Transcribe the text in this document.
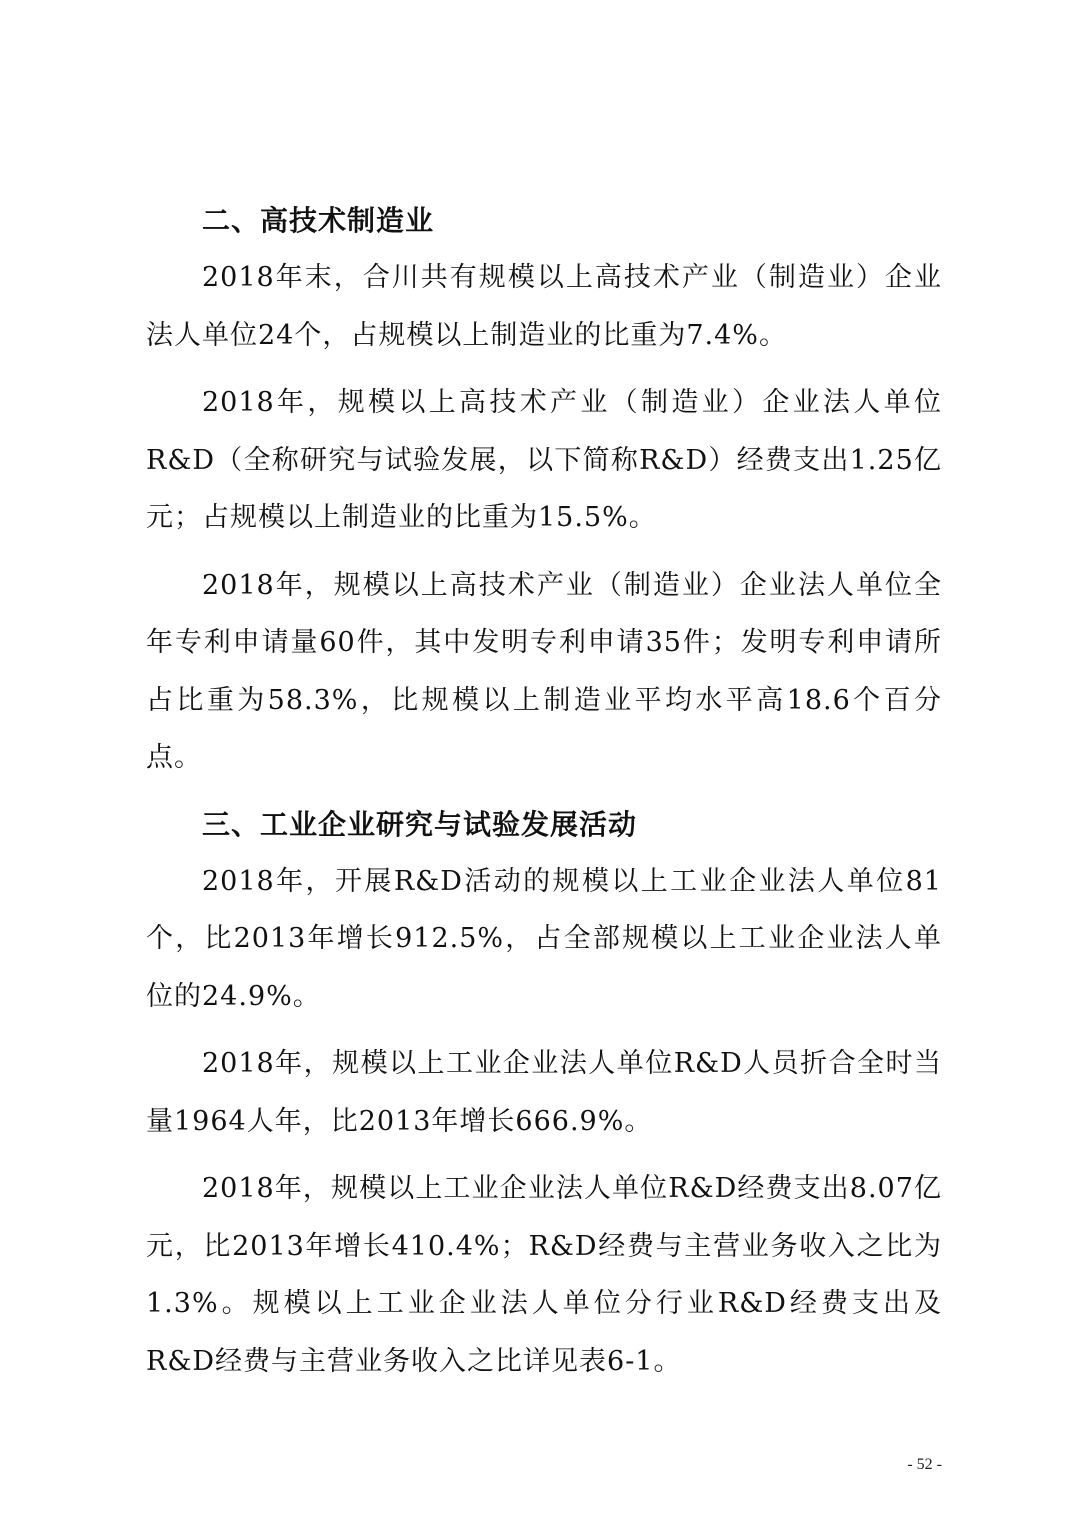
二、高技术制造业

2018年末，合川共有规模以上高技术产业（制造业）企业法人单位24个，占规模以上制造业的比重为7.4%。

2018年，规模以上高技术产业（制造业）企业法人单位R&D（全称研究与试验发展，以下简称R&D）经费支出1.25亿元；占规模以上制造业的比重为15.5%。

2018年，规模以上高技术产业（制造业）企业法人单位全年专利申请量60件，其中发明专利申请35件；发明专利申请所占比重为58.3%，比规模以上制造业平均水平高18.6个百分点。

三、工业企业研究与试验发展活动

2018年，开展R&D活动的规模以上工业企业法人单位81个，比2013年增长912.5%，占全部规模以上工业企业法人单位的24.9%。

2018年，规模以上工业企业法人单位R&D人员折合全时当量1964人年，比2013年增长666.9%。

2018年，规模以上工业企业法人单位R&D经费支出8.07亿元，比2013年增长410.4%；R&D经费与主营业务收入之比为1.3%。规模以上工业企业法人单位分行业R&D经费支出及R&D经费与主营业务收入之比详见表6-1。

- 52 -
